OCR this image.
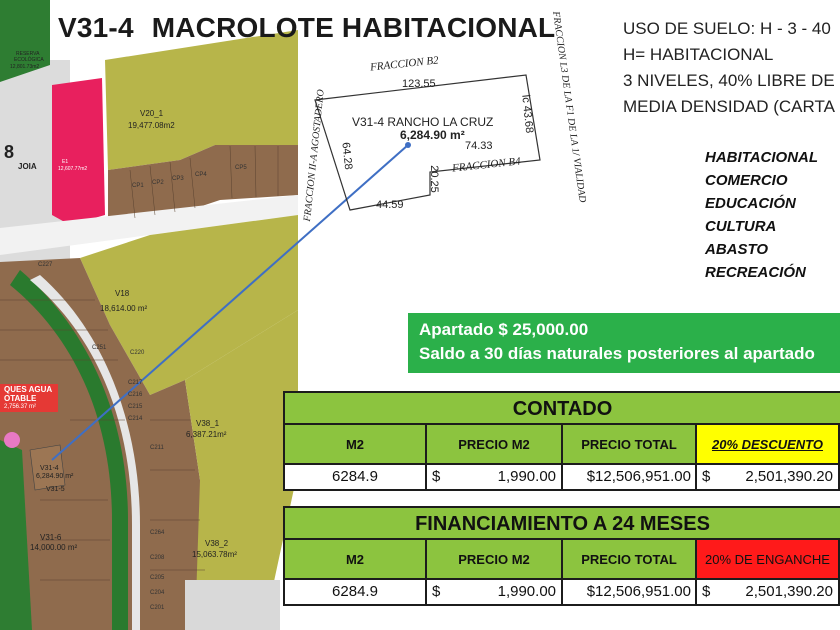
RESERVA
ECOLÓGICA
12,801.73m2
V20_1
19,477.08m2
E1
12,607.77m2
8
JOIA
V18
18,614.00 m²
QUES AGUA
OTABLE
2,756.37 m²
V31-4
6,284.90 m²
V31-5
V31-6
14,000.00 m²
V38_1
6,387.21m²
V38_2
15,063.78m²
C227
C220
C251
C217
C216
C215
C214
C211
C264
C208
C205
C204
C201
CP1 CP2
CP3
CP4
CP5
V31-4 MACROLOTE HABITACIONAL	USO DE SUELO: H - 3 - 40
H= HABITACIONAL
3 NIVELES, 40% LIBRE DE
MEDIA DENSIDAD (CARTA
HABITACIONAL
COMERCIO
EDUCACIÓN
CULTURA
ABASTO
RECREACIÓN
FRACCION B2	FRACCION L3 DE LA F1 DE LA 1/ VIALIDAD
FRACCION II-A AGOSTADERO	FRACCION B4
123.55
lc 43.68
74.33
20.25
44.59
64.28
V31-4 RANCHO LA CRUZ
6,284.90 m²
Apartado $ 25,000.00
Saldo a 30 días naturales posteriores al apartado
CONTADO
M2	PRECIO M2	PRECIO TOTAL	20% DESCUENTO
6284.9	$	1,990.00	$12,506,951.00 $ 2,501,390.20
FINANCIAMIENTO A 24 MESES
M2	PRECIO M2	PRECIO TOTAL	20% DE ENGANCHE
6284.9	$	1,990.00	$12,506,951.00 $ 2,501,390.20
